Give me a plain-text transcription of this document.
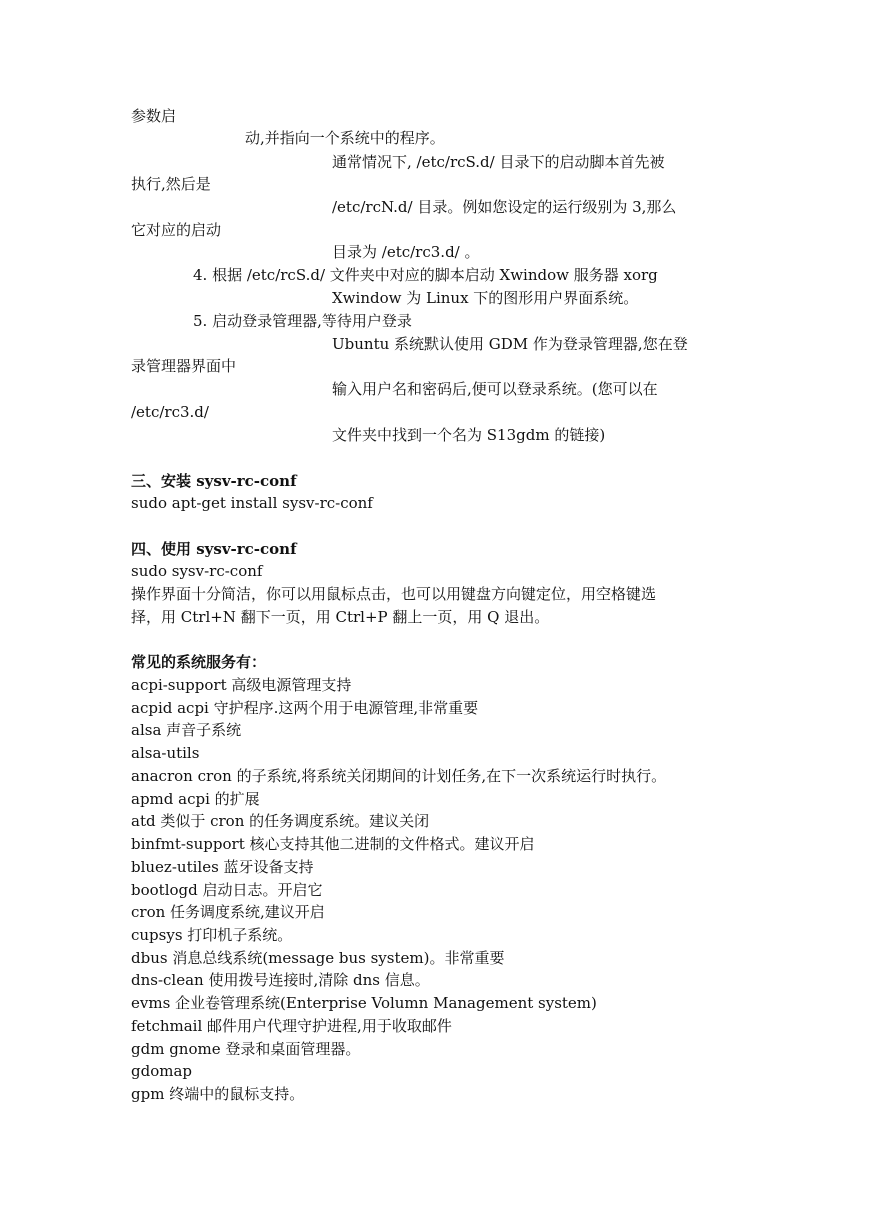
参数启
动,并指向一个系统中的程序。
通常情况下, /etc/rcS.d/ 目录下的启动脚本首先被
执行,然后是
/etc/rcN.d/ 目录。例如您设定的运行级别为 3,那么
它对应的启动
目录为 /etc/rc3.d/ 。
4. 根据 /etc/rcS.d/ 文件夹中对应的脚本启动 Xwindow 服务器 xorg
Xwindow 为 Linux 下的图形用户界面系统。
5. 启动登录管理器,等待用户登录
Ubuntu 系统默认使用 GDM 作为登录管理器,您在登
录管理器界面中
输入用户名和密码后,便可以登录系统。(您可以在
/etc/rc3.d/
文件夹中找到一个名为 S13gdm 的链接)
三、安装 sysv-rc-conf
sudo apt-get install sysv-rc-conf
四、使用 sysv-rc-conf
sudo sysv-rc-conf
操作界面十分简洁，你可以用鼠标点击，也可以用键盘方向键定位，用空格键选
择，用 Ctrl+N 翻下一页，用 Ctrl+P 翻上一页，用 Q 退出。
常见的系统服务有：
acpi-support 高级电源管理支持
acpid acpi 守护程序.这两个用于电源管理,非常重要
alsa 声音子系统
alsa-utils
anacron cron 的子系统,将系统关闭期间的计划任务,在下一次系统运行时执行。
apmd acpi 的扩展
atd 类似于 cron 的任务调度系统。建议关闭
binfmt-support 核心支持其他二进制的文件格式。建议开启
bluez-utiles 蓝牙设备支持
bootlogd 启动日志。开启它
cron 任务调度系统,建议开启
cupsys 打印机子系统。
dbus 消息总线系统(message bus system)。非常重要
dns-clean 使用拨号连接时,清除 dns 信息。
evms 企业卷管理系统(Enterprise Volumn Management system)
fetchmail 邮件用户代理守护进程,用于收取邮件
gdm gnome 登录和桌面管理器。
gdomap
gpm 终端中的鼠标支持。
